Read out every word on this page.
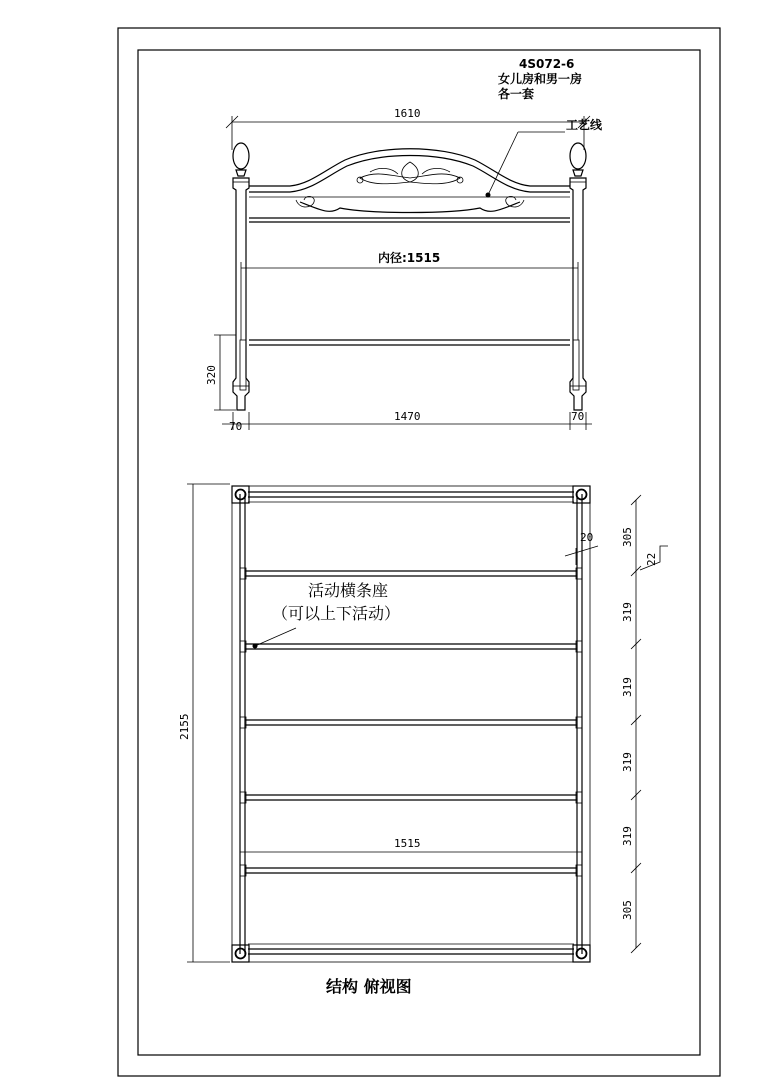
4S072-6
女儿房和男一房
各一套
1610
工艺线
内径:1515
320
70
1470	70
2155
20
22
305
319
319
319
319
305
活动横条座
（可以上下活动）
1515
结构 俯视图
